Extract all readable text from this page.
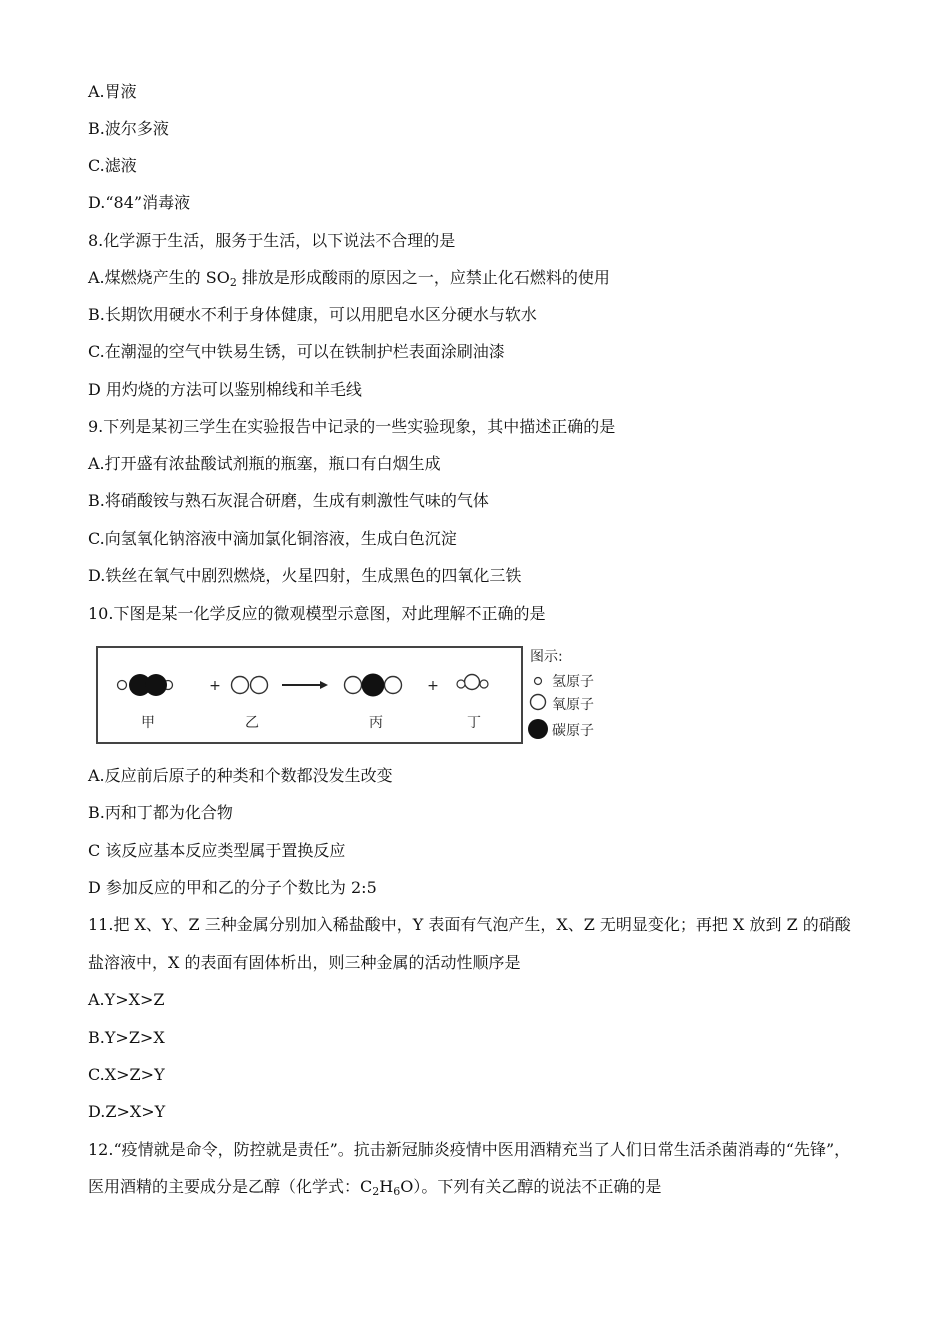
A.胃液
B.波尔多液
C.滤液
D.“84”消毒液
8.化学源于生活，服务于生活，以下说法不合理的是
A.煤燃烧产生的 $SO_2$ 排放是形成酸雨的原因之一，应禁止化石燃料的使用
B.长期饮用硬水不利于身体健康，可以用肥皂水区分硬水与软水
C.在潮湿的空气中铁易生锈，可以在铁制护栏表面涂刷油漆
D 用灼烧的方法可以鉴别棉线和羊毛线
9.下列是某初三学生在实验报告中记录的一些实验现象，其中描述正确的是
A.打开盛有浓盐酸试剂瓶的瓶塞，瓶口有白烟生成
B.将硝酸铵与熟石灰混合研磨，生成有刺激性气味的气体
C.向氢氧化钠溶液中滴加氯化铜溶液，生成白色沉淀
D.铁丝在氧气中剧烈燃烧，火星四射，生成黑色的四氧化三铁
10.下图是某一化学反应的微观模型示意图，对此理解不正确的是
甲
+
乙	丙
+
丁
图示:
氢原子
氧原子
碳原子
A.反应前后原子的种类和个数都没发生改变
B.丙和丁都为化合物
C 该反应基本反应类型属于置换反应
D 参加反应的甲和乙的分子个数比为 2:5
11.把 X、Y、Z 三种金属分别加入稀盐酸中，Y 表面有气泡产生，X、Z 无明显变化；再把 X 放到 Z 的硝酸
盐溶液中，X 的表面有固体析出，则三种金属的活动性顺序是
A.Y>X>Z
B.Y>Z>X
C.X>Z>Y
D.Z>X>Y
12.“疫情就是命令，防控就是责任”。抗击新冠肺炎疫情中医用酒精充当了人们日常生活杀菌消毒的“先锋”，
医用酒精的主要成分是乙醇（化学式：$C_2H_6O$）。下列有关乙醇的说法不正确的是
